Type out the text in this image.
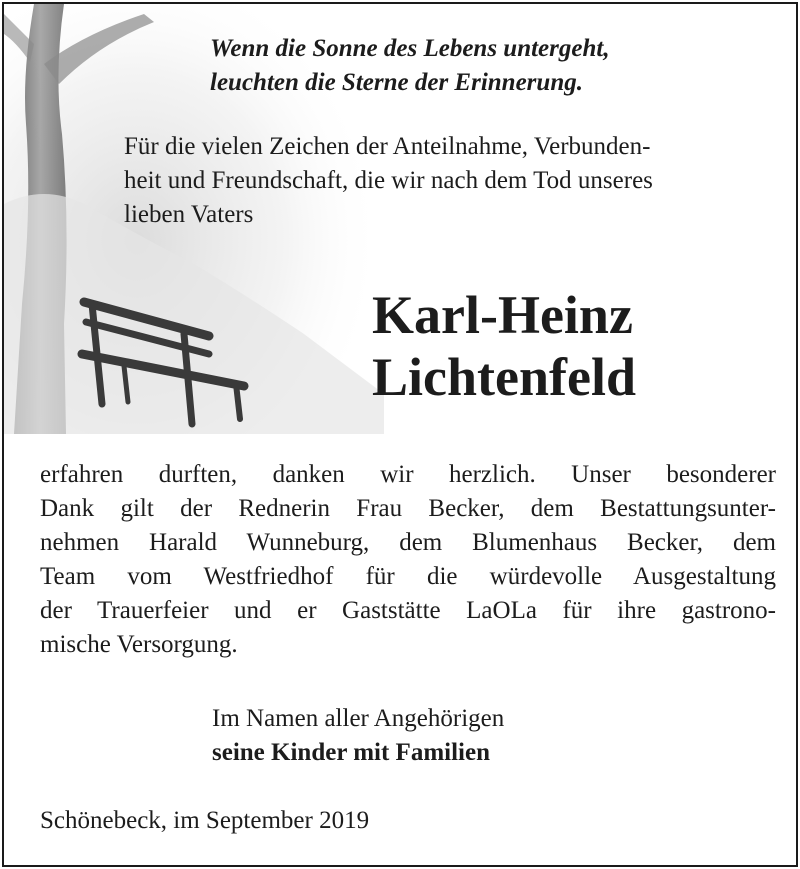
Wenn die Sonne des Lebens untergeht,
leuchten die Sterne der Erinnerung.
Für die vielen Zeichen der Anteilnahme, Verbunden-
heit und Freundschaft, die wir nach dem Tod unseres
lieben Vaters
Karl-Heinz
Lichtenfeld
erfahren durften, danken wir herzlich. Unser besonderer
Dank gilt der Rednerin Frau Becker, dem Bestattungsunter-
nehmen Harald Wunneburg, dem Blumenhaus Becker, dem
Team vom Westfriedhof für die würdevolle Ausgestaltung
der Trauerfeier und er Gaststätte LaOLa für ihre gastrono-
mische Versorgung.
Im Namen aller Angehörigen
seine Kinder mit Familien
Schönebeck, im September 2019
